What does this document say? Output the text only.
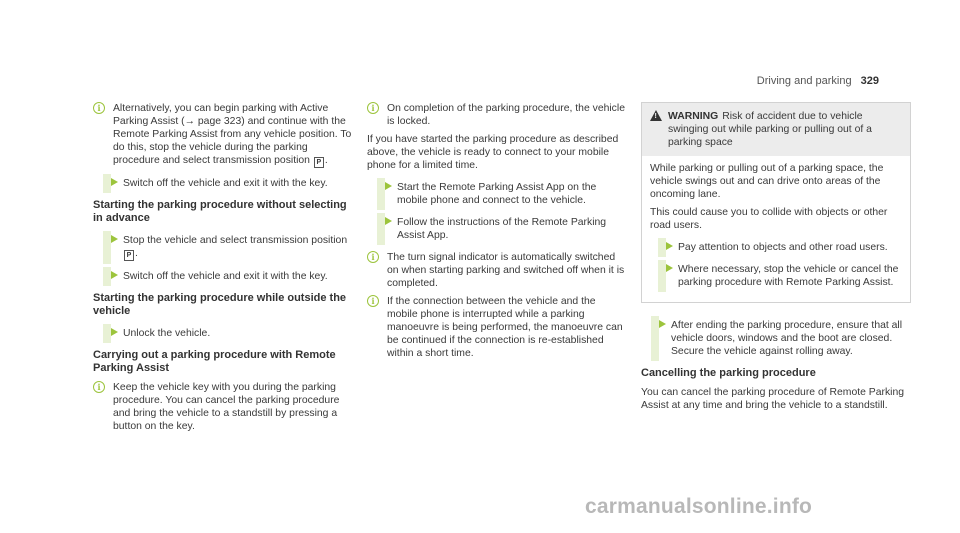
Driving and parking 329
i	Alternatively, you can begin parking with Active Parking Assist (→ page 323) and continue with the Remote Parking Assist from any vehicle position. To do this, stop the vehicle during the parking procedure and select transmission position P .
Switch off the vehicle and exit it with the key.
Starting the parking procedure without selecting in advance
Stop the vehicle and select transmission position P .
Switch off the vehicle and exit it with the key.
Starting the parking procedure while outside the vehicle
Unlock the vehicle.
Carrying out a parking procedure with Remote Parking Assist
i	Keep the vehicle key with you during the parking procedure. You can cancel the parking procedure and bring the vehicle to a standstill by pressing a button on the key.
i	On completion of the parking procedure, the vehicle is locked.
If you have started the parking procedure as described above, the vehicle is ready to connect to your mobile phone for a limited time.
Start the Remote Parking Assist App on the mobile phone and connect to the vehicle.
Follow the instructions of the Remote Parking Assist App.
i	The turn signal indicator is automatically switched on when starting parking and switched off when it is completed.
i	If the connection between the vehicle and the mobile phone is interrupted while a parking manoeuvre is being performed, the manoeuvre can be continued if the connection is re-established within a short time.
! WARNING Risk of accident due to vehicle swinging out while parking or pulling out of a parking space
While parking or pulling out of a parking space, the vehicle swings out and can drive onto areas of the oncoming lane.
This could cause you to collide with objects or other road users.
Pay attention to objects and other road users.
Where necessary, stop the vehicle or cancel the parking procedure with Remote Parking Assist.
After ending the parking procedure, ensure that all vehicle doors, windows and the boot are closed. Secure the vehicle against rolling away.
Cancelling the parking procedure
You can cancel the parking procedure of Remote Parking Assist at any time and bring the vehicle to a standstill.
carmanualsonline.info
